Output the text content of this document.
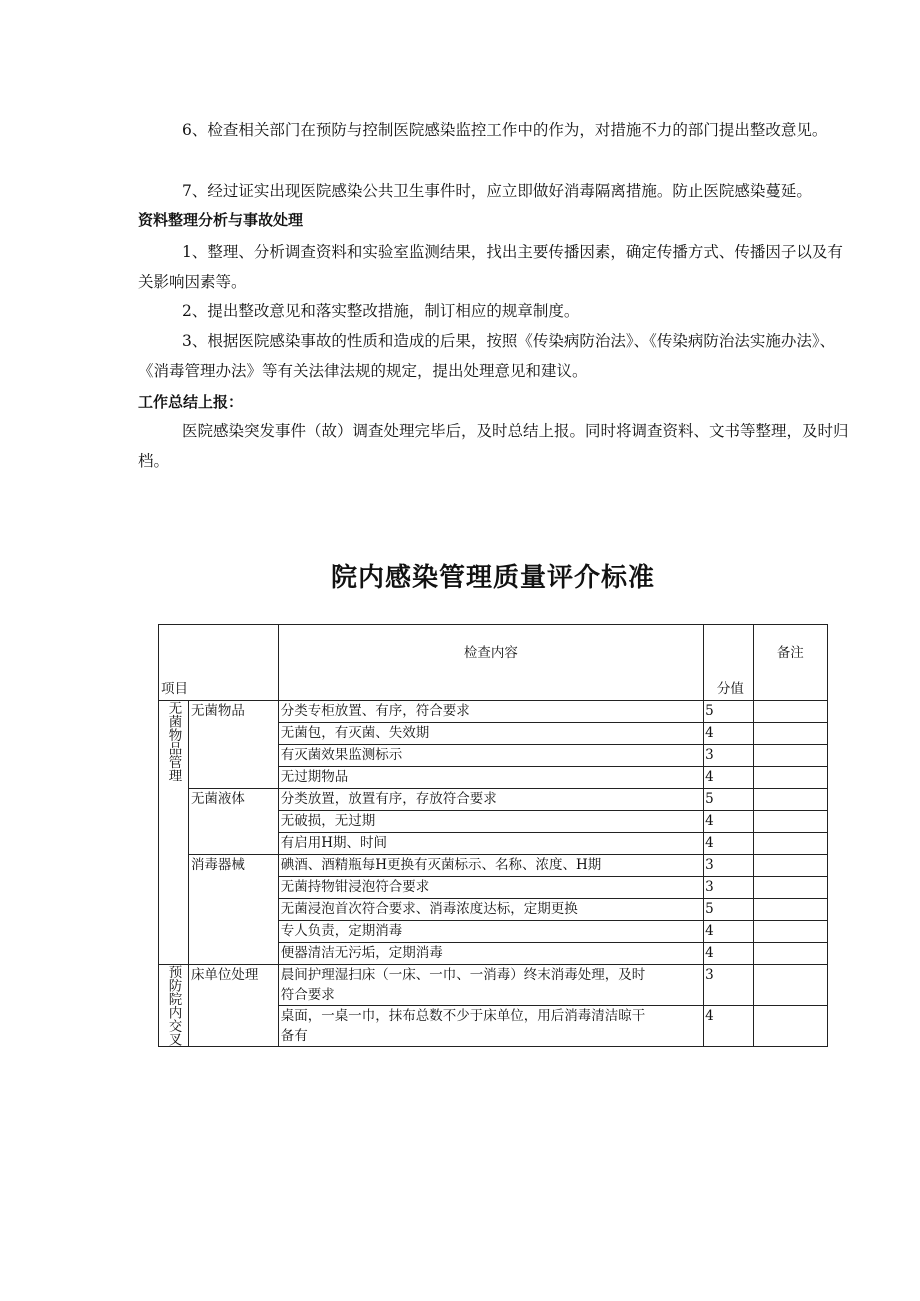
6、检查相关部门在预防与控制医院感染监控工作中的作为，对措施不力的部门提出整改意见。

7、经过证实出现医院感染公共卫生事件时，应立即做好消毒隔离措施。防止医院感染蔓延。

资料整理分析与事故处理

1、整理、分析调查资料和实验室监测结果，找出主要传播因素，确定传播方式、传播因子以及有关影响因素等。

2、提出整改意见和落实整改措施，制订相应的规章制度。

3、根据医院感染事故的性质和造成的后果，按照《传染病防治法》、《传染病防治法实施办法》、《消毒管理办法》等有关法律法规的规定，提出处理意见和建议。

工作总结上报：

医院感染突发事件（故）调查处理完毕后，及时总结上报。同时将调查资料、文书等整理，及时归档。

院内感染管理质量评介标准
项目		检查内容	分值	备注

无菌物品管理	无菌物品	分类专柜放置、有序，符合要求	5	
		无菌包，有灭菌、失效期	4	
		有灭菌效果监测标示	3	
		无过期物品	4	
	无菌液体	分类放置，放置有序，存放符合要求	5	
		无破损，无过期	4	
		有启用H期、时间	4	
	消毒器械	碘酒、酒精瓶每H更换有灭菌标示、名称、浓度、H期	3	
		无菌持物钳浸泡符合要求	3	
		无菌浸泡首次符合要求、消毒浓度达标，定期更换	5	
		专人负责，定期消毒	4	
		便器清洁无污垢，定期消毒	4	

预防院内交叉	床单位处理	晨间护理湿扫床（一床、一巾、一消毒）终末消毒处理，及时
符合要求	3	

		桌面，一桌一巾，抹布总数不少于床单位，用后消毒清洁晾干
备有	4	
